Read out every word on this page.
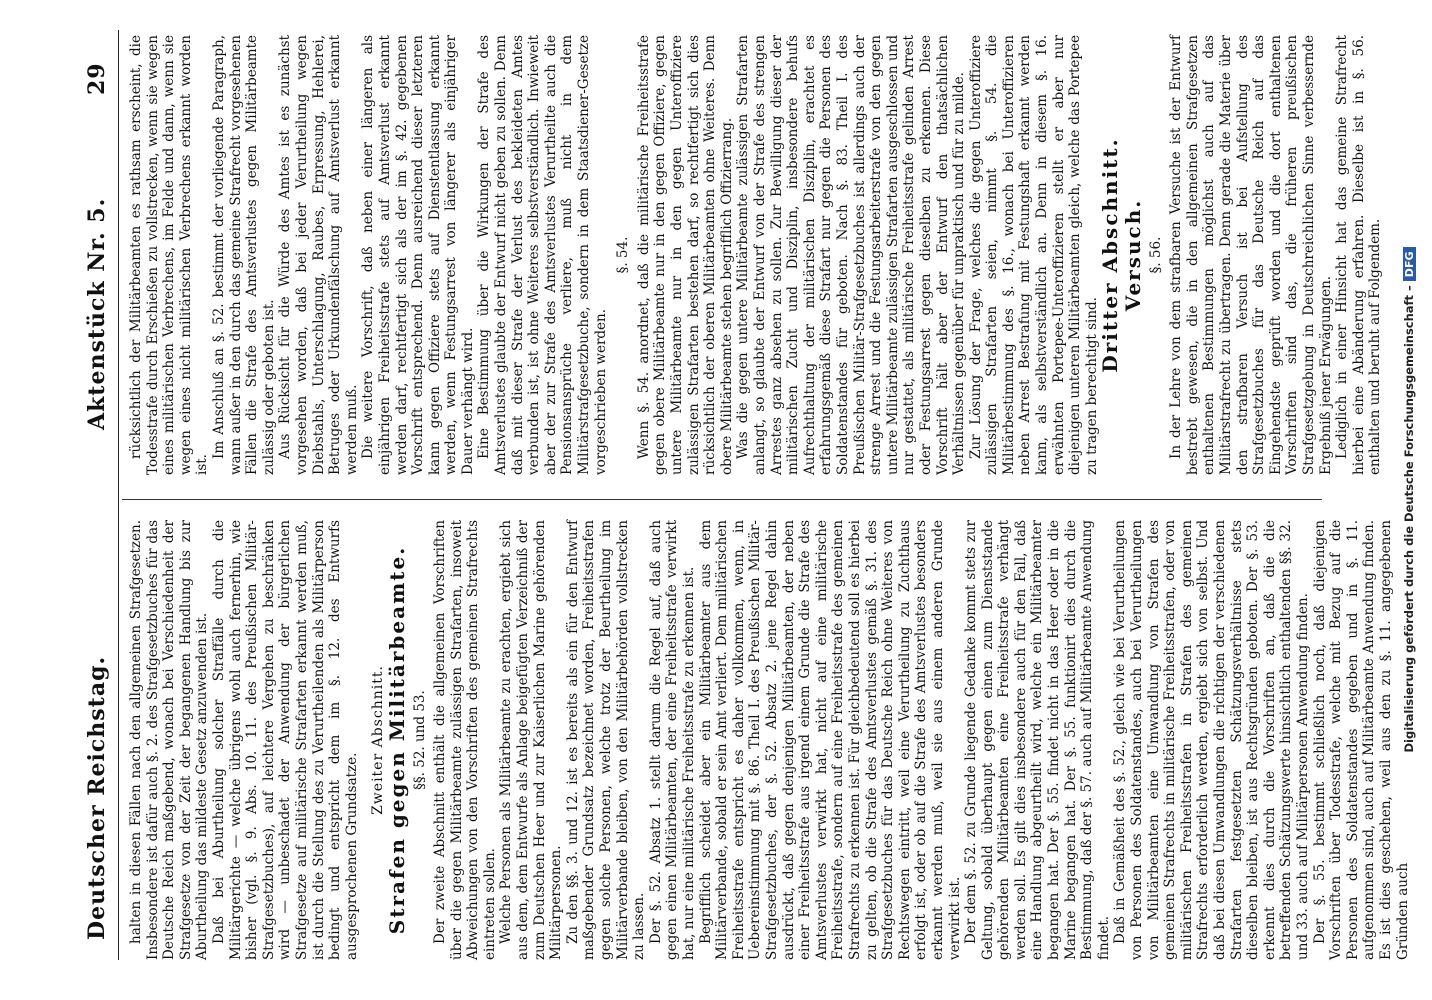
Deutscher Reichstag.
Aktenstück Nr. 5.
29

halten in diesen Fällen nach den allgemeinen Strafgesetzen. Insbesondere ist dafür auch §. 2. des Strafgesetzbuches für das Deutsche Reich maßgebend, wonach bei Verschiedenheit der Strafgesetze von der Zeit der begangenen Handlung bis zur Aburtheilung das mildeste Gesetz anzuwenden ist. Daß bei Aburtheilung solcher Straffälle durch die Militärgerichte — welche übrigens wohl auch fernerhin, wie bisher (vgl. §. 9. Abs. 10. 11. des Preußischen Militär-Strafgesetzbuches), auf leichtere Vergehen zu beschränken wird — unbeschadet der Anwendung der bürgerlichen Strafgesetze auf militärische Strafarten erkannt werden muß, ist durch die Stellung des zu Verurtheilenden als Militärperson bedingt und entspricht dem im §. 12. des Entwurfs ausgesprochenen Grundsatze.

Zweiter Abschnitt.
Strafen gegen Militärbeamte. §§. 52. und 53. Der zweite Abschnitt enthält die allgemeinen Vorschriften über die gegen Militärbeamte zulässigen Strafarten, insoweit Abweichungen von den Vorschriften des gemeinen Strafrechts eintreten sollen. Welche Personen als Militärbeamte zu erachten, ergiebt sich aus dem, dem Entwurfe als Anlage beigefügten Verzeichniß der zum Deutschen Heer und zur Kaiserlichen Marine gehörenden Militärpersonen. Zu den §§. 3. und 12. ist es bereits als ein für den Entwurf maßgebender Grundsatz bezeichnet worden, Freiheitsstrafen gegen solche Personen, welche trotz der Beurtheilung im Militärverbande bleiben, von den Militärbehörden vollstrecken zu lassen. Der §. 52. Absatz 1. stellt darum die Regel auf, daß auch gegen einen Militärbeamten, der eine Freiheitsstrafe verwirkt hat, nur eine militärische Freiheitsstrafe zu erkennen ist. Begrifflich scheidet aber ein Militärbeamter aus dem Militärverbande, sobald er sein Amt verliert. Dem militärischen Freiheitsstrafe entspricht es daher vollkommen, wenn, in Uebereinstimmung mit §. 86. Theil I. des Preußischen Militär-Strafgesetzbuches, der §. 52. Absatz 2. jene Regel dahin ausdrückt, daß gegen denjenigen Militärbeamten, der neben einer Freiheitsstrafe aus irgend einem Grunde die Strafe des Amtsverlustes verwirkt hat, nicht auf eine militärische Freiheitsstrafe, sondern auf eine Freiheitsstrafe des gemeinen Strafrechts zu erkennen ist. Für gleichbedeutend soll es hierbei zu gelten, ob die Strafe des Amtsverlustes gemäß §. 31. des Strafgesetzbuches für das Deutsche Reich ohne Weiteres von Rechtswegen eintritt, weil eine Verurtheilung zu Zuchthaus erfolgt ist, oder ob auf die Strafe des Amtsverlustes besonders erkannt werden muß, weil sie aus einem anderen Grunde verwirkt ist. Der dem §. 52. zu Grunde liegende Gedanke kommt stets zur Geltung, sobald überhaupt gegen einen zum Dienststande gehörenden Militärbeamten eine Freiheitsstrafe verhängt werden soll. Es gilt dies insbesondere auch für den Fall, daß eine Handlung abgeurtheilt wird, welche ein Militärbeamter begangen hat. Der §. 55. findet nicht in das Heer oder in die Marine begangen hat. Der §. 55. funktionirt dies durch die Bestimmung, daß der §. 57. auch auf Militärbeamte Anwendung findet. Daß in Gemäßheit des §. 52., gleich wie bei Verurtheilungen von Personen des Soldatenstandes, auch bei Verurtheilungen von Militärbeamten eine Umwandlung von Strafen des gemeinen Strafrechts in militärische Freiheitsstrafen, oder von militärischen Freiheitsstrafen in Strafen des gemeinen Strafrechts erforderlich werden, ergiebt sich von selbst. Und daß bei diesen Umwandlungen die richtigen der verschiedenen Strafarten festgesetzten Schätzungsverhältnisse stets dieselben bleiben, ist aus Rechtsgründen geboten. Der §. 53. erkennt dies durch die Vorschriften an, daß die die betreffenden Schätzungswerte hinsichtlich enthaltenden §§. 32. und 33. auch auf Militärpersonen Anwendung finden. Der §. 55. bestimmt schließlich noch, daß diejenigen Vorschriften über Todesstrafe, welche mit Bezug auf die Personen des Soldatenstandes gegeben und in §. 11. aufgenommen sind, auch auf Militärbeamte Anwendung finden. Es ist dies geschehen, weil aus den zu §. 11. angegebenen Gründen auch

rücksichtlich der Militärbeamten es rathsam erscheint, die Todesstrafe durch Erschießen zu vollstrecken, wenn sie wegen eines militärischen Verbrechens, im Felde und dann, wenn sie wegen eines nicht militärischen Verbrechens erkannt worden ist.

Im Anschluß an §. 52. bestimmt der vorliegende Paragraph, wann außer in den durch das gemeine Strafrecht vorgesehenen Fällen die Strafe des Amtsverlustes gegen Militärbeamte zulässig oder geboten ist. Aus Rücksicht für die Würde des Amtes ist es zunächst vorgesehen worden, daß bei jeder Verurtheilung wegen Diebstahls, Unterschlagung, Raubes, Erpressung, Hehlerei, Betruges oder Urkundenfälschung auf Amtsverlust erkannt werden muß. Die weitere Vorschrift, daß neben einer längeren als einjährigen Freiheitsstrafe stets auf Amtsverlust erkannt werden darf, rechtfertigt sich als der im §. 42. gegebenen Vorschrift entsprechend. Denn ausreichend dieser letzteren kann gegen Offiziere stets auf Dienstentlassung erkannt werden, wenn Festungsarrest von längerer als einjähriger Dauer verhängt wird. Eine Bestimmung über die Wirkungen der Strafe des Amtsverlustes glaubte der Entwurf nicht geben zu sollen. Denn daß mit dieser Strafe der Verlust des bekleideten Amtes verbunden ist, ist ohne Weiteres selbstverständlich. Inwieweit aber der zur Strafe des Amtsverlustes Verurtheilte auch die Pensionsansprüche verliere, muß nicht in dem Militärstrafgesetzbuche, sondern in dem Staatsdiener-Gesetze vorgeschrieben werden.

§. 54. Wenn §. 54. anordnet, daß die militärische Freiheitsstrafe gegen obere Militärbeamte nur in den gegen Offiziere, gegen untere Militärbeamte nur in den gegen Unteroffiziere zulässigen Strafarten bestehen darf, so rechtfertigt sich dies rücksichtlich der oberen Militärbeamten ohne Weiteres. Denn obere Militärbeamte stehen begrifflich Offizierrang. Was die gegen untere Militärbeamte zulässigen Strafarten anlangt, so glaubte der Entwurf von der Strafe des strengen Arrestes ganz absehen zu sollen. Zur Bewilligung dieser der militärischen Zucht und Disziplin, insbesondere behufs Aufrechthaltung der militärischen Disziplin, erachtet es erfahrungsgemäß diese Strafart nur gegen die Personen des Soldatenstandes für geboten. Nach §. 83. Theil I. des Preußischen Militär-Strafgesetzbuches ist allerdings auch der strenge Arrest und die Festungsarbeiterstrafe von den gegen untere Militärbeamte zulässigen Strafarten ausgeschlossen und nur gestattet, als militärische Freiheitsstrafe gelinden Arrest oder Festungsarrest gegen dieselben zu erkennen. Diese Vorschrift hält aber der Entwurf den thatsächlichen Verhältnissen gegenüber für unpraktisch und für zu milde. Zur Lösung der Frage, welches die gegen Unteroffiziere zulässigen Strafarten seien, nimmt §. 54. die Militärbestimmung des §. 16., wonach bei Unteroffizieren neben Arrest Bestrafung mit Festungshaft erkannt werden kann, als selbstverständlich an. Denn in diesem §. 16. erwähnten Portepee-Unteroffizieren stellt er aber nur diejenigen unteren Militärbeamten gleich, welche das Portepee zu tragen berechtigt sind.

Dritter Abschnitt.
Versuch. §. 56. In der Lehre von dem strafbaren Versuche ist der Entwurf bestrebt gewesen, die in den allgemeinen Strafgesetzen enthaltenen Bestimmungen möglichst auch auf das Militärstrafrecht zu übertragen. Denn gerade die Materie über den strafbaren Versuch ist bei Aufstellung des Strafgesetzbuches für das Deutsche Reich auf das Eingehendste geprüft worden und die dort enthaltenen Vorschriften sind das, die früheren preußischen Strafgesetzgebung in Deutschreichlichen Sinne verbessernde Ergebniß jener Erwägungen. Lediglich in einer Hinsicht hat das gemeine Strafrecht hierbei eine Abänderung erfahren. Dieselbe ist in §. 56. enthalten und beruht auf Folgendem. Digitalisierung gefördert durch die Deutsche Forschungsgemeinschaft –DFG
